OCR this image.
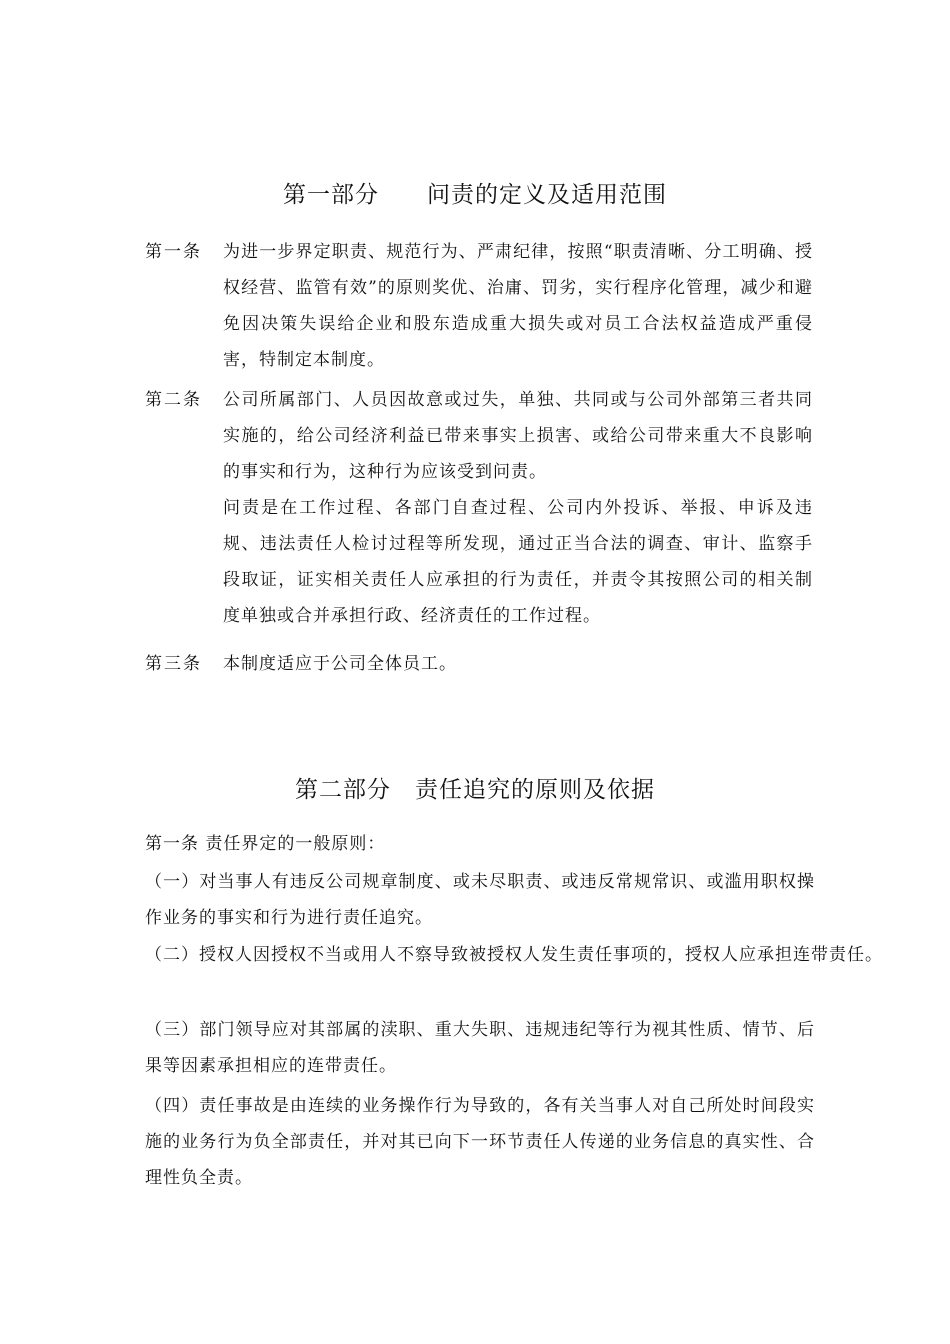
第一部分　　问责的定义及适用范围
第一条	为进一步界定职责、规范行为、严肃纪律，按照“职责清晰、分工明确、授权经营、监管有效”的原则奖优、治庸、罚劣，实行程序化管理，减少和避免因决策失误给企业和股东造成重大损失或对员工合法权益造成严重侵害，特制定本制度。
第二条	公司所属部门、人员因故意或过失，单独、共同或与公司外部第三者共同实施的，给公司经济利益已带来事实上损害、或给公司带来重大不良影响的事实和行为，这种行为应该受到问责。
问责是在工作过程、各部门自查过程、公司内外投诉、举报、申诉及违规、违法责任人检讨过程等所发现，通过正当合法的调查、审计、监察手段取证，证实相关责任人应承担的行为责任，并责令其按照公司的相关制度单独或合并承担行政、经济责任的工作过程。
第三条	本制度适应于公司全体员工。
第二部分　责任追究的原则及依据
第一条 责任界定的一般原则：
（一）对当事人有违反公司规章制度、或未尽职责、或违反常规常识、或滥用职权操作业务的事实和行为进行责任追究。
（二）授权人因授权不当或用人不察导致被授权人发生责任事项的，授权人应承担连带责任。
（三）部门领导应对其部属的渎职、重大失职、违规违纪等行为视其性质、情节、后果等因素承担相应的连带责任。
（四）责任事故是由连续的业务操作行为导致的，各有关当事人对自己所处时间段实施的业务行为负全部责任，并对其已向下一环节责任人传递的业务信息的真实性、合理性负全责。
